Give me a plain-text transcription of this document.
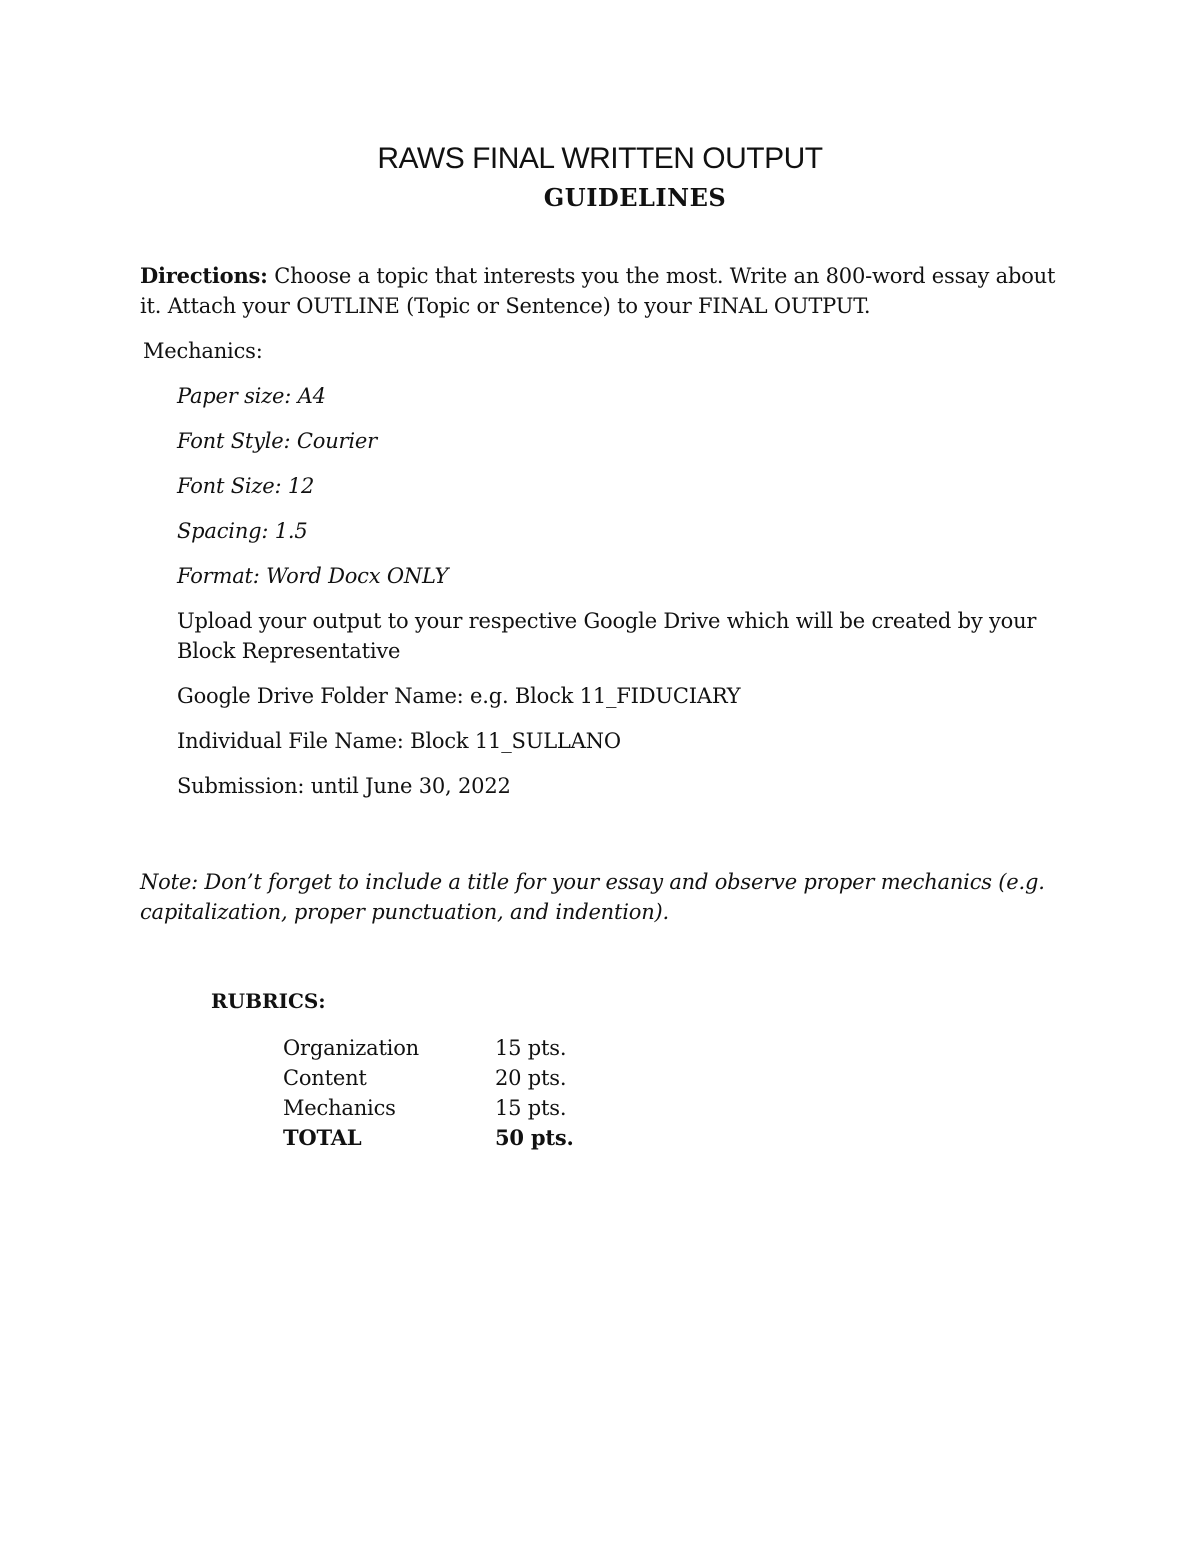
RAWS FINAL WRITTEN OUTPUT
GUIDELINES
Directions: Choose a topic that interests you the most. Write an 800-word essay about it. Attach your OUTLINE (Topic or Sentence) to your FINAL OUTPUT.
Mechanics:
Paper size: A4
Font Style: Courier
Font Size: 12
Spacing: 1.5
Format: Word Docx ONLY
Upload your output to your respective Google Drive which will be created by your Block Representative
Google Drive Folder Name: e.g. Block 11_FIDUCIARY
Individual File Name: Block 11_SULLANO
Submission: until June 30, 2022
Note: Don’t forget to include a title for your essay and observe proper mechanics (e.g. capitalization, proper punctuation, and indention).
RUBRICS:
Organization	15 pts.
Content	20 pts.
Mechanics	15 pts.
TOTAL	50 pts.
